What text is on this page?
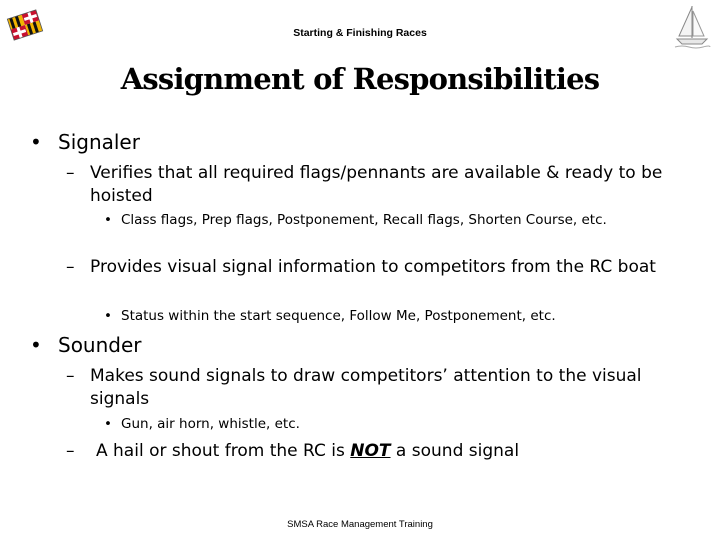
Starting & Finishing Races
Assignment of Responsibilities
• Signaler
– Verifies that all required flags/pennants are available & ready to be hoisted
• Class flags, Prep flags, Postponement, Recall flags, Shorten Course, etc.
– Provides visual signal information to competitors from the RC boat
• Status within the start sequence, Follow Me, Postponement, etc.
• Sounder
– Makes sound signals to draw competitors’ attention to the visual signals
• Gun, air horn, whistle, etc.
– A hail or shout from the RC is NOT a sound signal
SMSA Race Management Training
